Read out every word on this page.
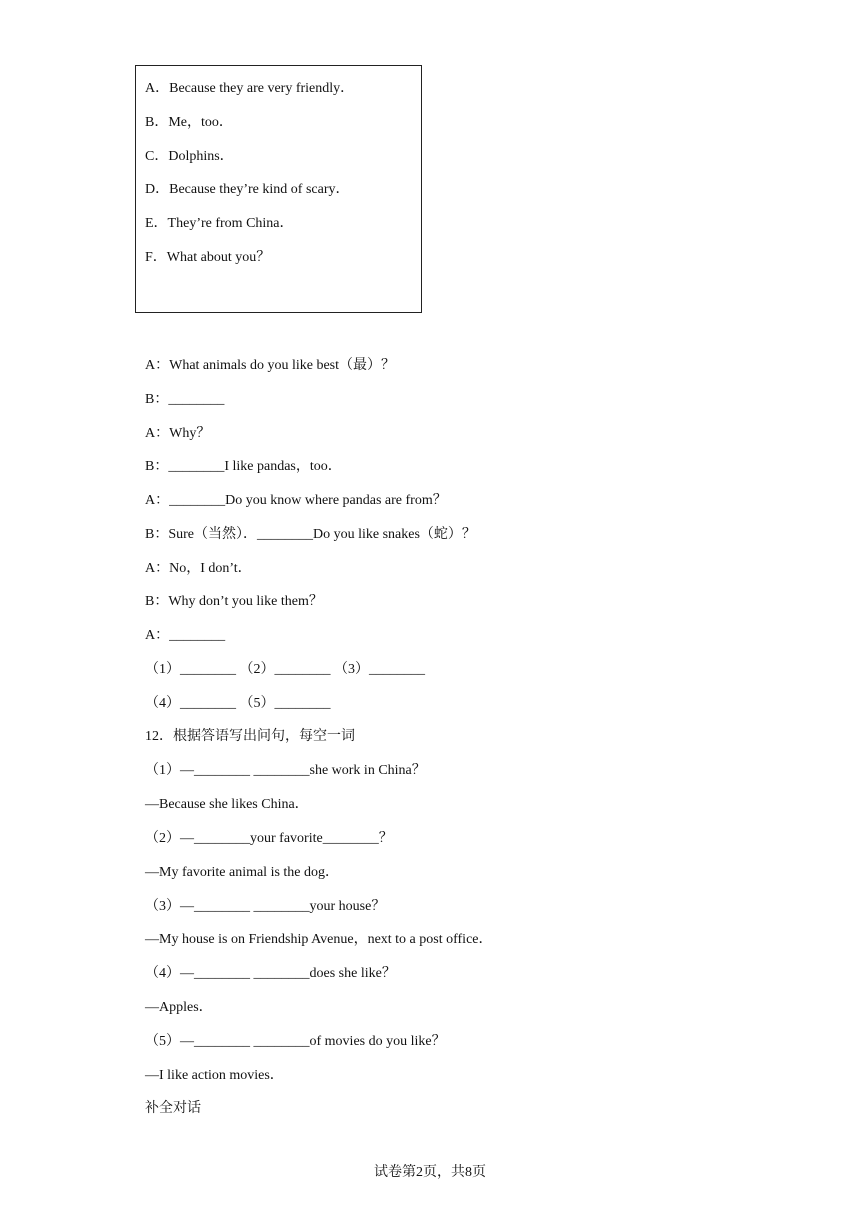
A．Because they are very friendly．
B．Me，too．
C．Dolphins．
D．Because they’re kind of scary．
E．They’re from China．
F．What about you？
A：What animals do you like best（最）？
B：________
A：Why？
B：________I like pandas，too．
A：________Do you know where pandas are from？
B：Sure（当然）．________Do you like snakes（蛇）？
A：No，I don’t．
B：Why don’t you like them？
A：________
（1）________ （2）________ （3）________
（4）________ （5）________
12．根据答语写出问句，每空一词
（1）—________ ________she work in China？
—Because she likes China．
（2）—________your favorite________？
—My favorite animal is the dog．
（3）—________ ________your house？
—My house is on Friendship Avenue，next to a post office．
（4）—________ ________does she like？
—Apples．
（5）—________ ________of movies do you like？
—I like action movies．
补全对话
试卷第2页，共8页
